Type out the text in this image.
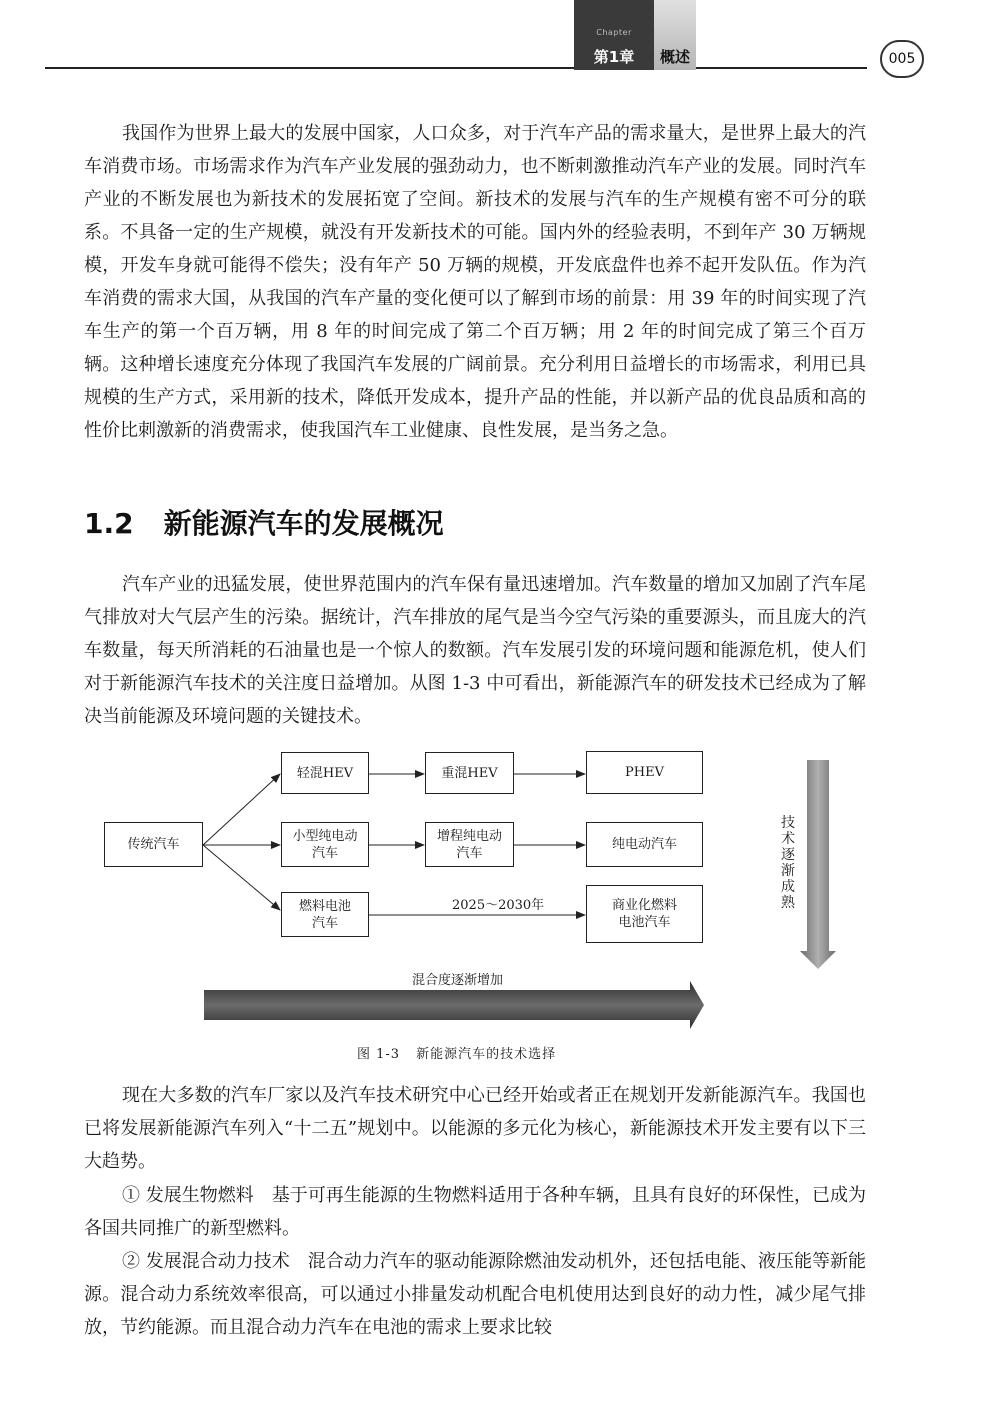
Chapter
第1章	概述	005

我国作为世界上最大的发展中国家，人口众多，对于汽车产品的需求量大，是世界上最大的汽车消费市场。市场需求作为汽车产业发展的强劲动力，也不断刺激推动汽车产业的发展。同时汽车产业的不断发展也为新技术的发展拓宽了空间。新技术的发展与汽车的生产规模有密不可分的联系。不具备一定的生产规模，就没有开发新技术的可能。国内外的经验表明，不到年产 30 万辆规模，开发车身就可能得不偿失；没有年产 50 万辆的规模，开发底盘件也养不起开发队伍。作为汽车消费的需求大国，从我国的汽车产量的变化便可以了解到市场的前景：用 39 年的时间实现了汽车生产的第一个百万辆，用 8 年的时间完成了第二个百万辆；用 2 年的时间完成了第三个百万辆。这种增长速度充分体现了我国汽车发展的广阔前景。充分利用日益增长的市场需求，利用已具规模的生产方式，采用新的技术，降低开发成本，提升产品的性能，并以新产品的优良品质和高的性价比刺激新的消费需求，使我国汽车工业健康、良性发展，是当务之急。

1.2 新能源汽车的发展概况

汽车产业的迅猛发展，使世界范围内的汽车保有量迅速增加。汽车数量的增加又加剧了汽车尾气排放对大气层产生的污染。据统计，汽车排放的尾气是当今空气污染的重要源头，而且庞大的汽车数量，每天所消耗的石油量也是一个惊人的数额。汽车发展引发的环境问题和能源危机，使人们对于新能源汽车技术的关注度日益增加。从图 1-3 中可看出，新能源汽车的研发技术已经成为了解决当前能源及环境问题的关键技术。

传统汽车
轻混HEV	重混HEV	PHEV
小型纯电动
汽车
增程纯电动
汽车
纯电动汽车
燃料电池
汽车
2025～2030年	商业化燃料
电池汽车
混合度逐渐增加
技术逐渐成熟
图 1-3 新能源汽车的技术选择

现在大多数的汽车厂家以及汽车技术研究中心已经开始或者正在规划开发新能源汽车。我国也已将发展新能源汽车列入“十二五”规划中。以能源的多元化为核心，新能源技术开发主要有以下三大趋势。

① 发展生物燃料　基于可再生能源的生物燃料适用于各种车辆，且具有良好的环保性，已成为各国共同推广的新型燃料。

② 发展混合动力技术　混合动力汽车的驱动能源除燃油发动机外，还包括电能、液压能等新能源。混合动力系统效率很高，可以通过小排量发动机配合电机使用达到良好的动力性，减少尾气排放，节约能源。而且混合动力汽车在电池的需求上要求比较
